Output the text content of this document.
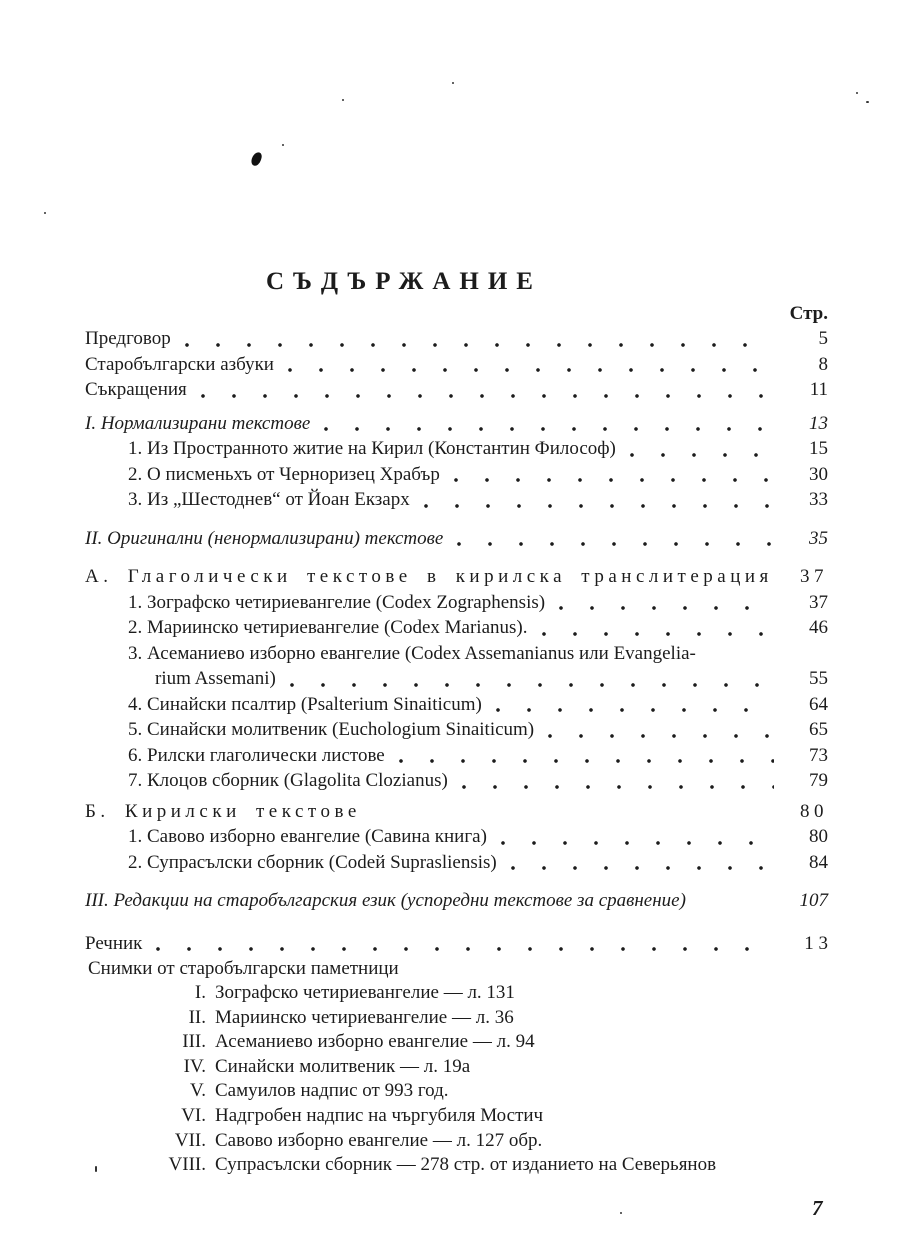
СЪДЪРЖАНИЕ
Стр.
Предговор	5
Старобългарски азбуки	8
Съкращения	11
I. Нормализирани текстове	13
1. Из Пространното житие на Кирил (Константин Философ)	15
2. О писменьхъ от Черноризец Храбър	30
3. Из „Шестоднев“ от Йоан Екзарх	33
II. Оригинални (ненормализирани) текстове	35
А. Глаголически текстове в кирилска транслитерация	37
1. Зографско четириевангелие (Codex Zographensis)	37
2. Мариинско четириевангелие (Codex Marianus).	46
3. Асеманиево изборно евангелие (Codex Assemanianus или Evangelia-
rium Assemani)	55
4. Синайски псалтир (Psalterium Sinaiticum)	64
5. Синайски молитвеник (Euchologium Sinaiticum)	65
6. Рилски глаголически листове	73
7. Клоцов сборник (Glagolita Clozianus)	79
Б. Кирилски текстове	80
1. Савово изборно евангелие (Савина книга)	80
2. Супрасълски сборник (Codeй Suprasliensis)	84
III. Редакции на старобългарския език (успоредни текстове за сравнение)	107
Речник	1 3
Снимки от старобългарски паметници
I. Зографско четириевангелие — л. 131
II. Мариинско четириевангелие — л. 36
III. Асеманиево изборно евангелие — л. 94
IV. Синайски молитвеник — л. 19а
V. Самуилов надпис от 993 год.
VI. Надгробен надпис на чъргубиля Мостич
VII. Савово изборно евангелие — л. 127 обр.
VIII. Супрасълски сборник — 278 стр. от изданието на Северьянов
7
